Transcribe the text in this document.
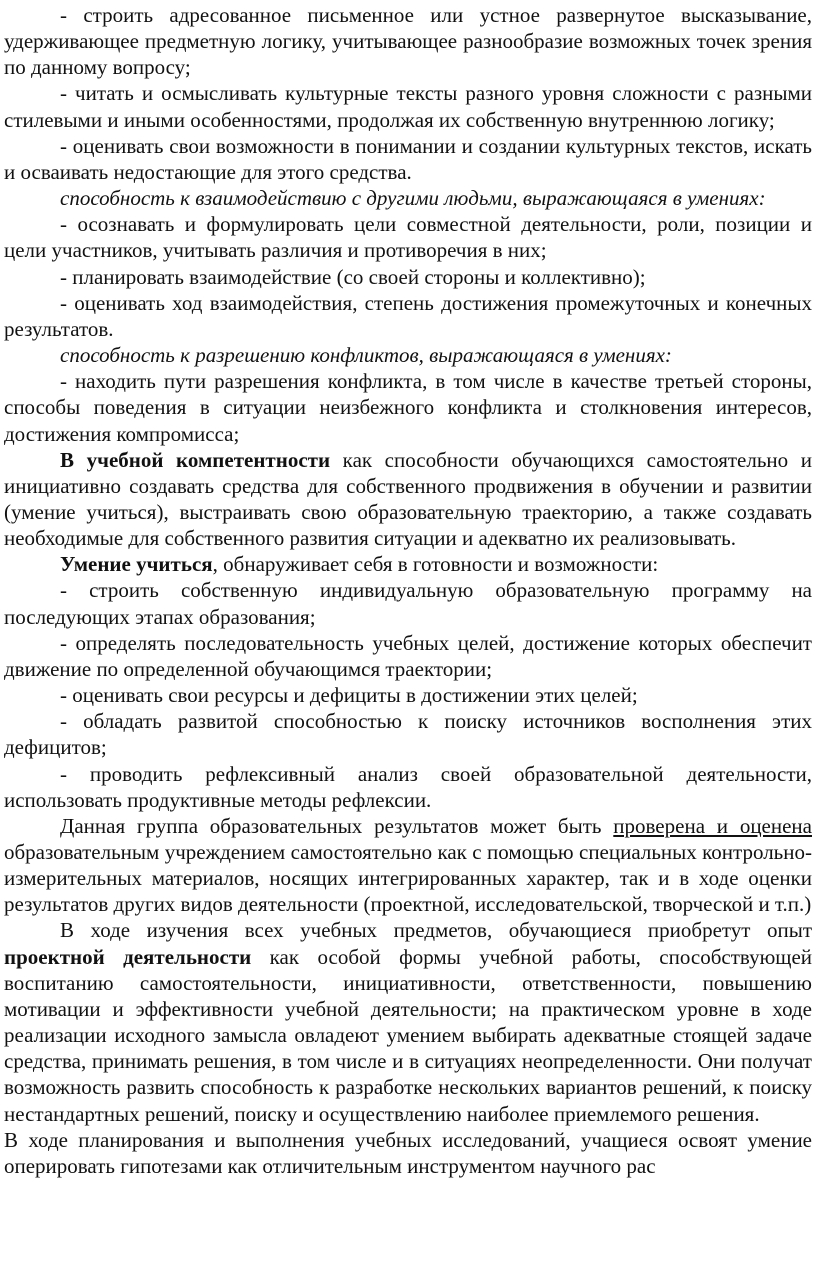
- строить адресованное письменное или устное развернутое высказывание, удерживающее предметную логику, учитывающее разнообразие возможных точек зрения по данному вопросу;

- читать и осмысливать культурные тексты разного уровня сложности с разными стилевыми и иными особенностями, продолжая их собственную внутреннюю логику;

- оценивать свои возможности в понимании и создании культурных текстов, искать и осваивать недостающие для этого средства.

способность к взаимодействию с другими людьми, выражающаяся в умениях:

- осознавать и формулировать цели совместной деятельности, роли, позиции и цели участников, учитывать различия и противоречия в них;

- планировать взаимодействие (со своей стороны и коллективно);

- оценивать ход взаимодействия, степень достижения промежуточных и конечных результатов.

способность к разрешению конфликтов, выражающаяся в умениях:

- находить пути разрешения конфликта, в том числе в качестве третьей стороны, способы поведения в ситуации неизбежного конфликта и столкновения интересов, достижения компромисса;

В учебной компетентности как способности обучающихся самостоятельно и инициативно создавать средства для собственного продвижения в обучении и развитии (умение учиться), выстраивать свою образовательную траекторию, а также создавать необходимые для собственного развития ситуации и адекватно их реализовывать.

Умение учиться, обнаруживает себя в готовности и возможности:

- строить собственную индивидуальную образовательную программу на последующих этапах образования;

- определять последовательность учебных целей, достижение которых обеспечит движение по определенной обучающимся траектории;

- оценивать свои ресурсы и дефициты в достижении этих целей;

- обладать развитой способностью к поиску источников восполнения этих дефицитов;

- проводить рефлексивный анализ своей образовательной деятельности, использовать продуктивные методы рефлексии.

Данная группа образовательных результатов может быть проверена и оценена образовательным учреждением самостоятельно как с помощью специальных контрольно- измерительных материалов, носящих интегрированных характер, так и в ходе оценки результатов других видов деятельности (проектной, исследовательской, творческой и т.п.)

В ходе изучения всех учебных предметов, обучающиеся приобретут опыт проектной деятельности как особой формы учебной работы, способствующей воспитанию самостоятельности, инициативности, ответственности, повышению мотивации и эффективности учебной деятельности; на практическом уровне в ходе реализации исходного замысла овладеют умением выбирать адекватные стоящей задаче средства, принимать решения, в том числе и в ситуациях неопределенности. Они получат возможность развить способность к разработке нескольких вариантов решений, к поиску нестандартных решений, поиску и осуществлению наиболее приемлемого решения.

В ходе планирования и выполнения учебных исследований, учащиеся освоят умение оперировать гипотезами как отличительным инструментом научного рас
